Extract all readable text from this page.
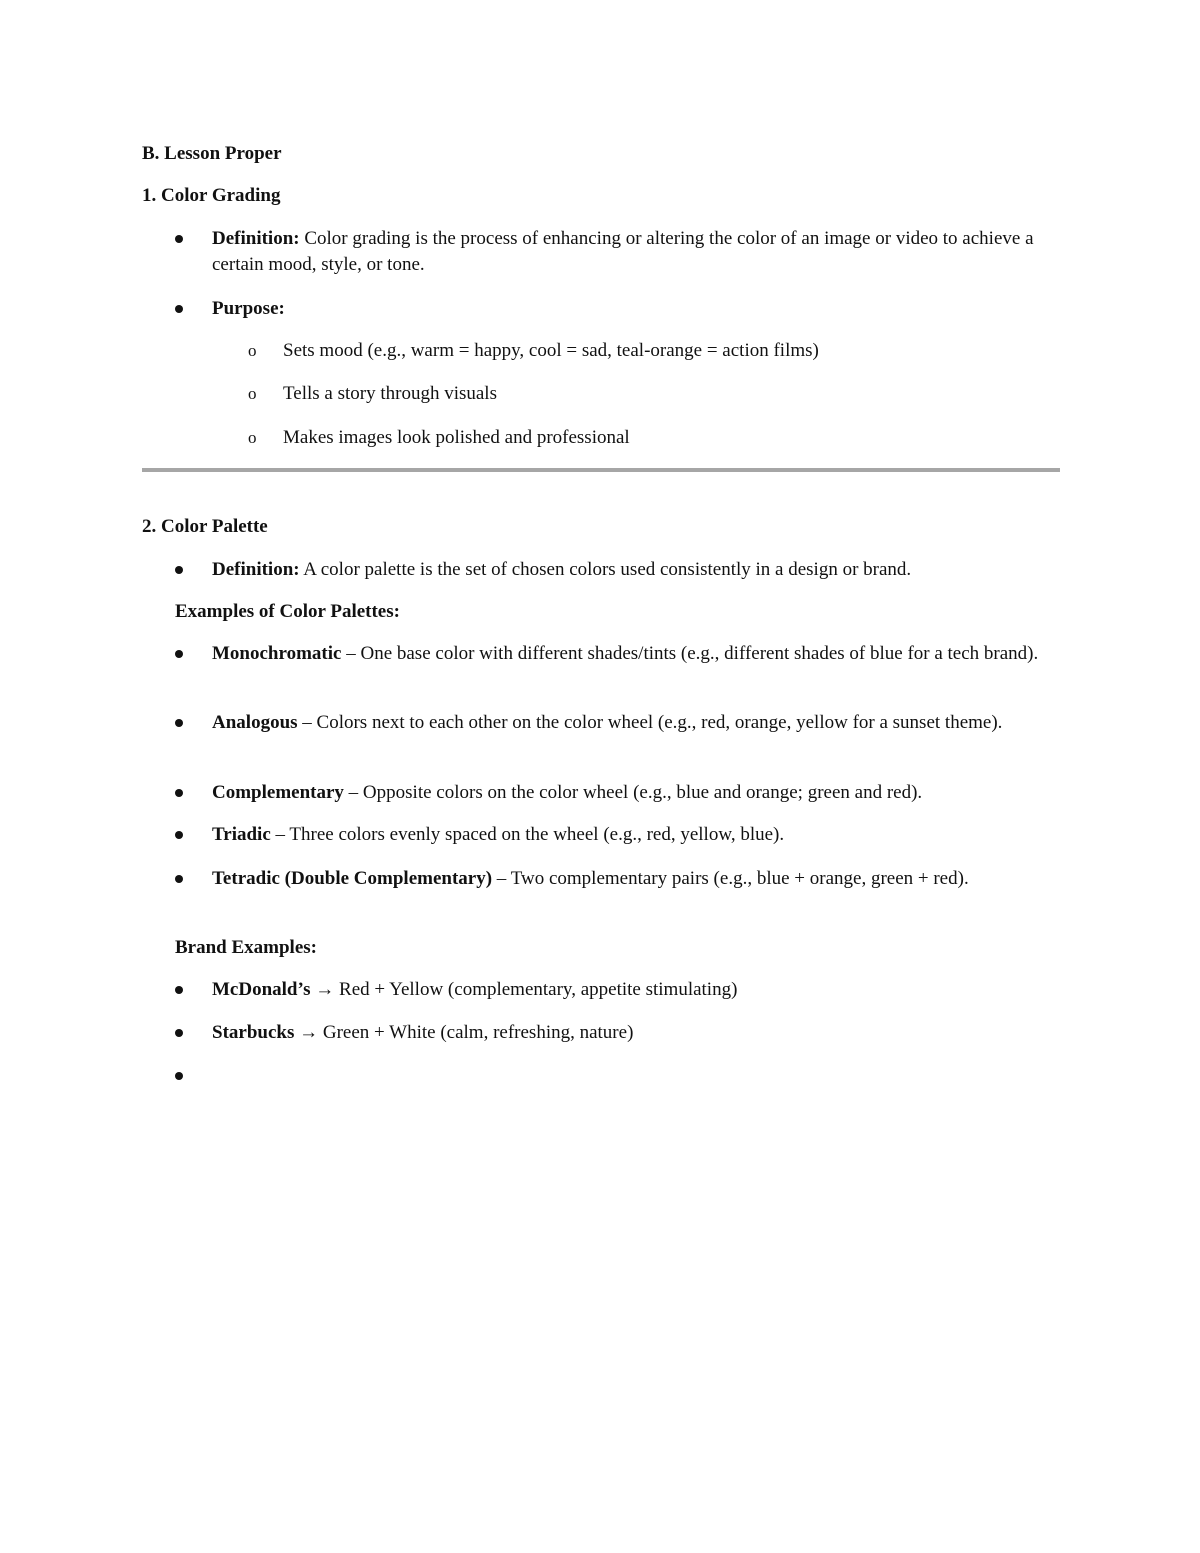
B. Lesson Proper
1. Color Grading
Definition: Color grading is the process of enhancing or altering the color of an image or video to achieve a certain mood, style, or tone.
Purpose:
o Sets mood (e.g., warm = happy, cool = sad, teal-orange = action films)
o Tells a story through visuals
o Makes images look polished and professional
2. Color Palette
Definition: A color palette is the set of chosen colors used consistently in a design or brand.
Examples of Color Palettes:
Monochromatic – One base color with different shades/tints (e.g., different shades of blue for a tech brand).
Analogous – Colors next to each other on the color wheel (e.g., red, orange, yellow for a sunset theme).
Complementary – Opposite colors on the color wheel (e.g., blue and orange; green and red).
Triadic – Three colors evenly spaced on the wheel (e.g., red, yellow, blue).
Tetradic (Double Complementary) – Two complementary pairs (e.g., blue + orange, green + red).
Brand Examples:
McDonald’s → Red + Yellow (complementary, appetite stimulating)
Starbucks → Green + White (calm, refreshing, nature)
